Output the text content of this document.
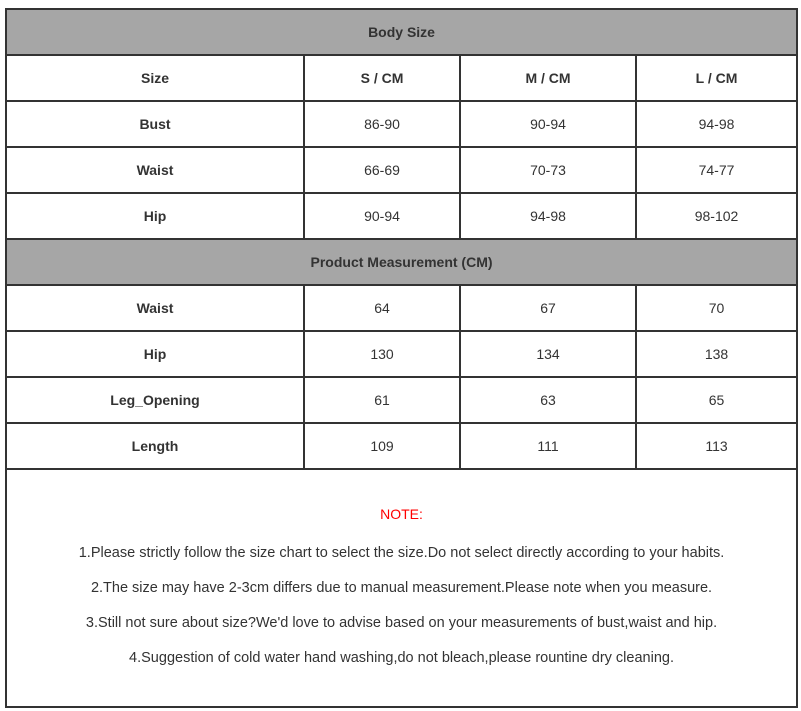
Body Size			
Size	S / CM	M / CM	L / CM
Bust	86-90	90-94	94-98
Waist	66-69	70-73	74-77
Hip	90-94	94-98	98-102
Product Measurement (CM)			
Waist	64	67	70
Hip	130	134	138
Leg_Opening	61	63	65
Length	109	111	113

NOTE:
1.Please strictly follow the size chart to select the size.Do not select directly according to your habits.
2.The size may have 2-3cm differs due to manual measurement.Please note when you measure.
3.Still not sure about size?We'd love to advise based on your measurements of bust,waist and hip.
4.Suggestion of cold water hand washing,do not bleach,please rountine dry cleaning.			
